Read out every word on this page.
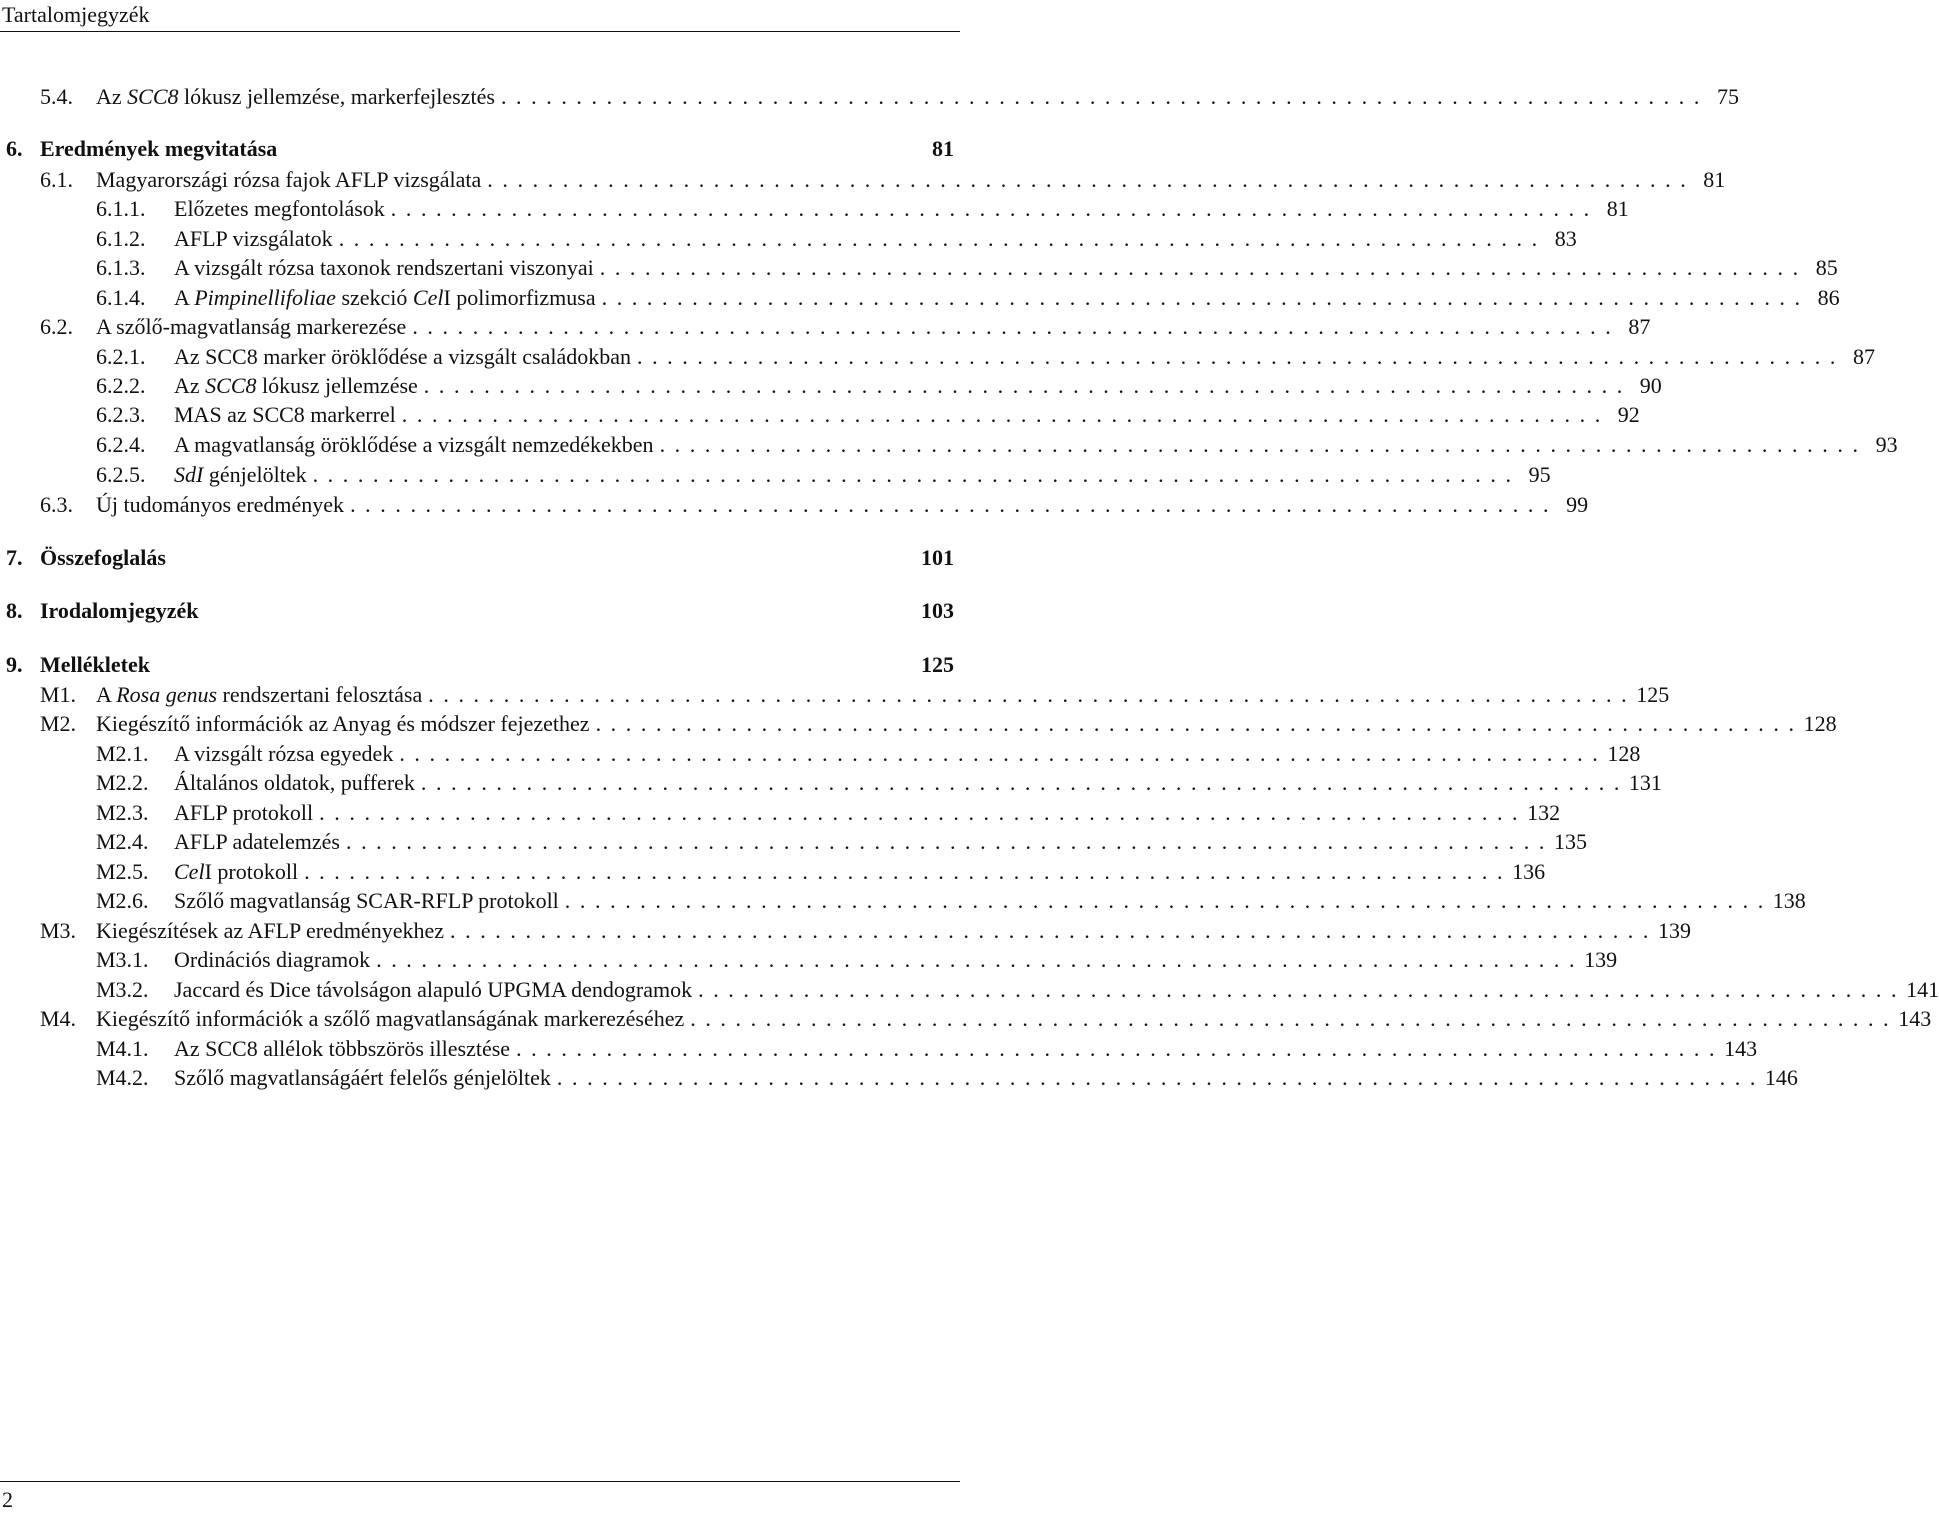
Tartalomjegyzék
5.4. Az SCC8 lókusz jellemzése, markerfejlesztés ................................................................................ 75
6. Eredmények megvitatása	81
6.1. Magyarországi rózsa fajok AFLP vizsgálata ................................................................................ 81
6.1.1. Előzetes megfontolások ................................................................................ 81
6.1.2. AFLP vizsgálatok ................................................................................ 83
6.1.3. A vizsgált rózsa taxonok rendszertani viszonyai ................................................................................ 85
6.1.4. A Pimpinellifoliae szekció CelI polimorfizmusa ................................................................................ 86
6.2. A szőlő-magvatlanság markerezése ................................................................................ 87
6.2.1. Az SCC8 marker öröklődése a vizsgált családokban ................................................................................ 87
6.2.2. Az SCC8 lókusz jellemzése ................................................................................ 90
6.2.3. MAS az SCC8 markerrel ................................................................................ 92
6.2.4. A magvatlanság öröklődése a vizsgált nemzedékekben ................................................................................ 93
6.2.5. SdI génjelöltek ................................................................................ 95
6.3. Új tudományos eredmények ................................................................................ 99
7. Összefoglalás	101
8. Irodalomjegyzék	103
9. Mellékletek	125
M1. A Rosa genus rendszertani felosztása ................................................................................ 125
M2. Kiegészítő információk az Anyag és módszer fejezethez ................................................................................ 128
M2.1. A vizsgált rózsa egyedek ................................................................................ 128
M2.2. Általános oldatok, pufferek ................................................................................ 131
M2.3. AFLP protokoll ................................................................................ 132
M2.4. AFLP adatelemzés ................................................................................ 135
M2.5. CelI protokoll ................................................................................ 136
M2.6. Szőlő magvatlanság SCAR-RFLP protokoll ................................................................................ 138
M3. Kiegészítések az AFLP eredményekhez ................................................................................ 139
M3.1. Ordinációs diagramok ................................................................................ 139
M3.2. Jaccard és Dice távolságon alapuló UPGMA dendogramok ................................................................................ 141
M4. Kiegészítő információk a szőlő magvatlanságának markerezéséhez ................................................................................ 143
M4.1. Az SCC8 allélok többszörös illesztése ................................................................................ 143
M4.2. Szőlő magvatlanságáért felelős génjelöltek ................................................................................ 146
2
